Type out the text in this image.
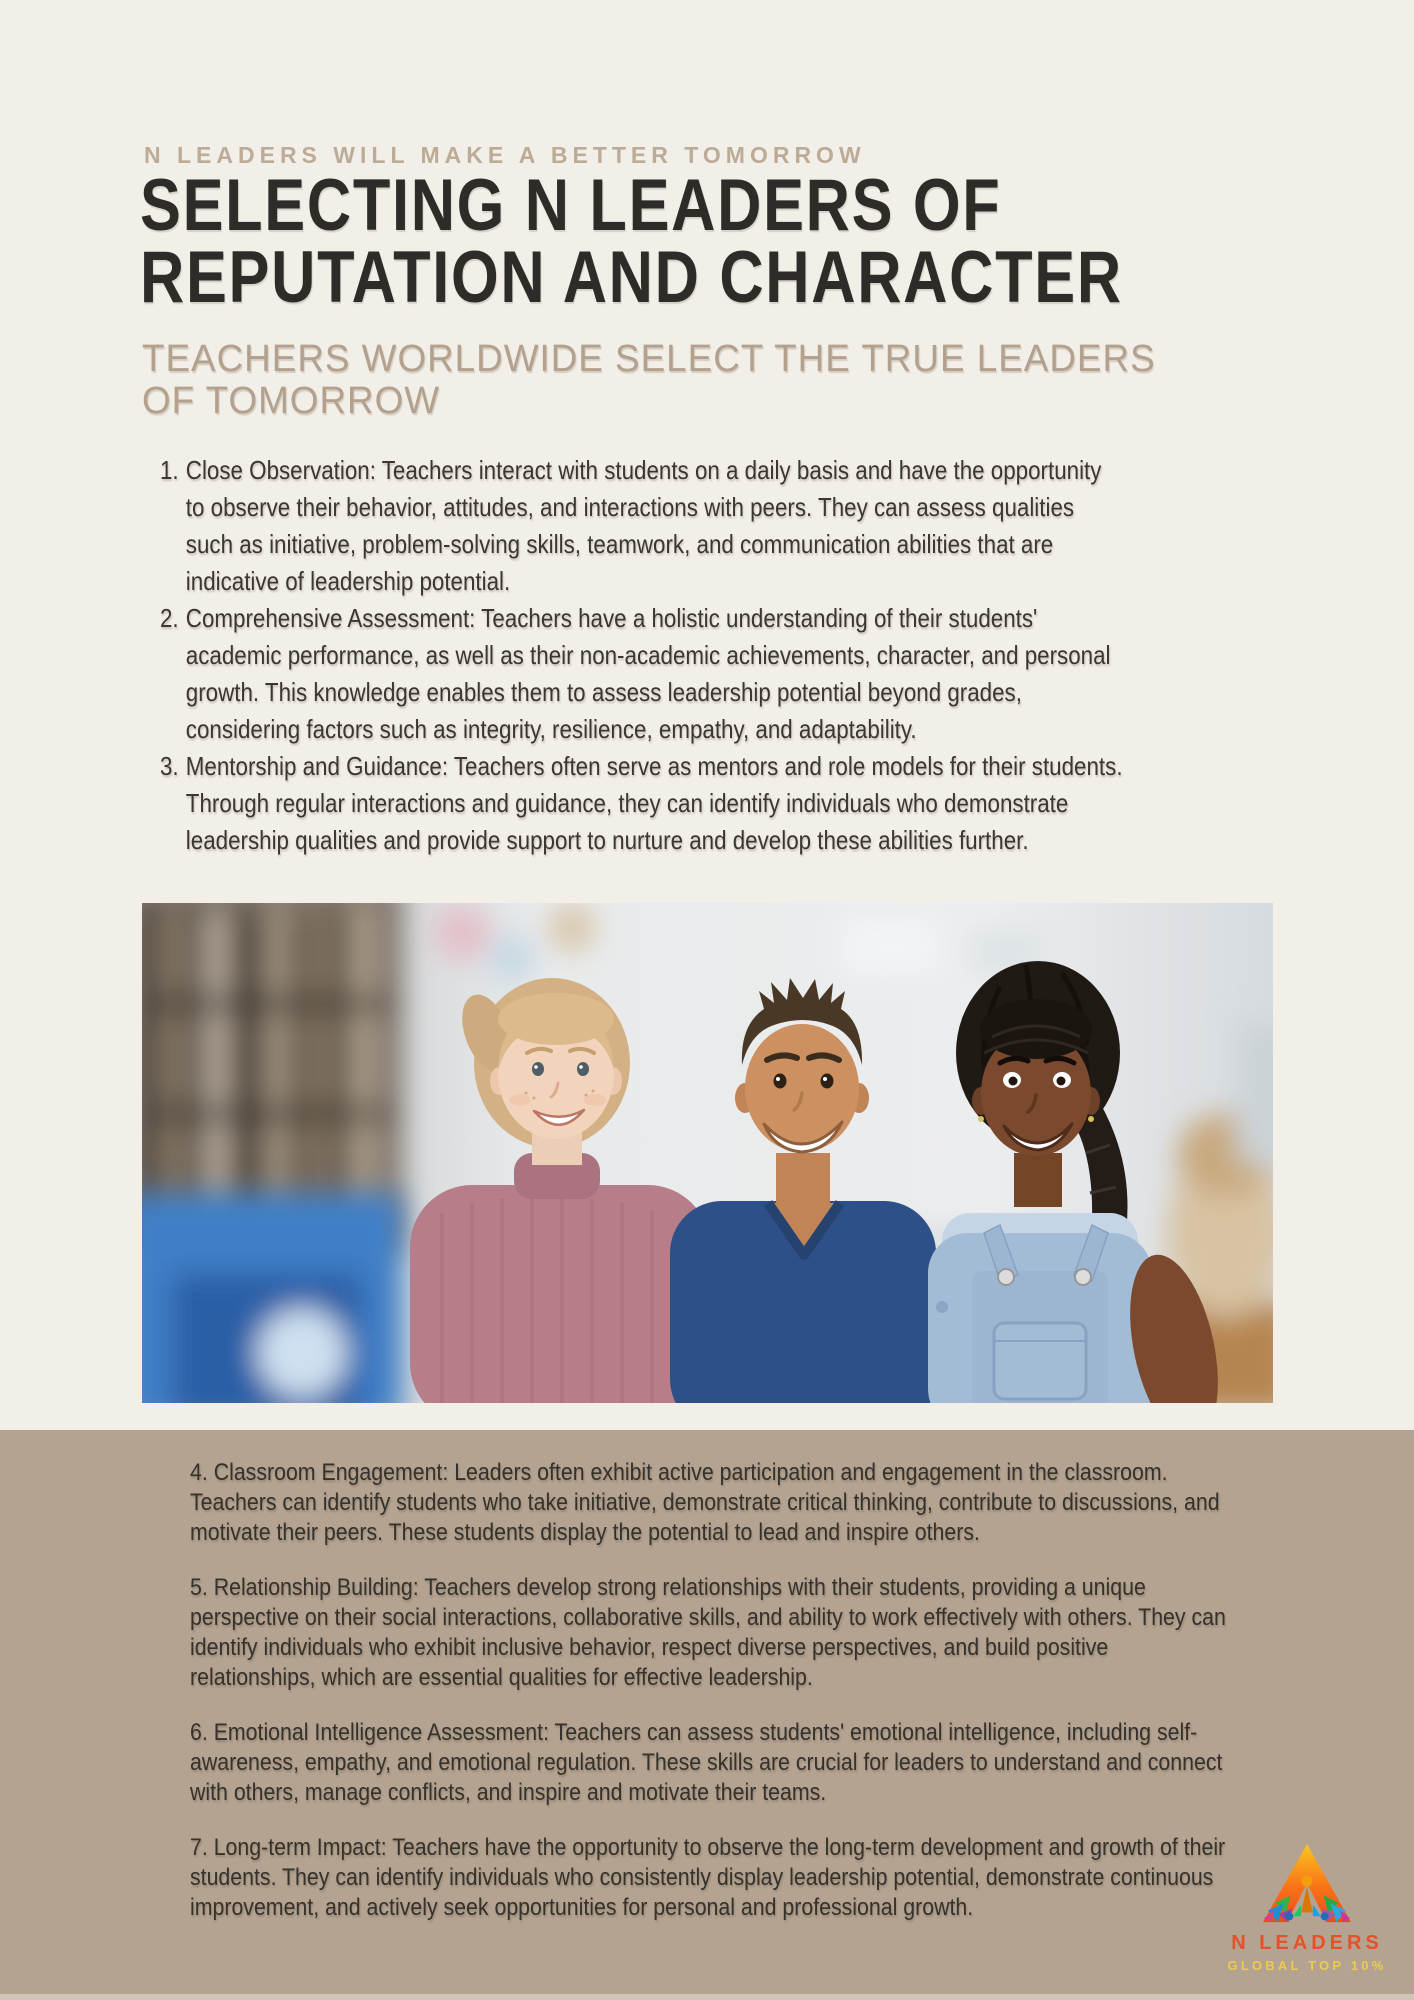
N LEADERS WILL MAKE A BETTER TOMORROW
SELECTING N LEADERS OF
REPUTATION AND CHARACTER
TEACHERS WORLDWIDE SELECT THE TRUE LEADERS
OF TOMORROW
1. Close Observation: Teachers interact with students on a daily basis and have the opportunity to observe their behavior, attitudes, and interactions with peers. They can assess qualities such as initiative, problem-solving skills, teamwork, and communication abilities that are indicative of leadership potential.
2. Comprehensive Assessment: Teachers have a holistic understanding of their students' academic performance, as well as their non-academic achievements, character, and personal growth. This knowledge enables them to assess leadership potential beyond grades, considering factors such as integrity, resilience, empathy, and adaptability.
3. Mentorship and Guidance: Teachers often serve as mentors and role models for their students. Through regular interactions and guidance, they can identify individuals who demonstrate leadership qualities and provide support to nurture and develop these abilities further.

4. Classroom Engagement: Leaders often exhibit active participation and engagement in the classroom. Teachers can identify students who take initiative, demonstrate critical thinking, contribute to discussions, and motivate their peers. These students display the potential to lead and inspire others.

5. Relationship Building: Teachers develop strong relationships with their students, providing a unique perspective on their social interactions, collaborative skills, and ability to work effectively with others. They can identify individuals who exhibit inclusive behavior, respect diverse perspectives, and build positive relationships, which are essential qualities for effective leadership.

6. Emotional Intelligence Assessment: Teachers can assess students' emotional intelligence, including self-awareness, empathy, and emotional regulation. These skills are crucial for leaders to understand and connect with others, manage conflicts, and inspire and motivate their teams.

7. Long-term Impact: Teachers have the opportunity to observe the long-term development and growth of their students. They can identify individuals who consistently display leadership potential, demonstrate continuous improvement, and actively seek opportunities for personal and professional growth.

N LEADERS
GLOBAL TOP 10%
